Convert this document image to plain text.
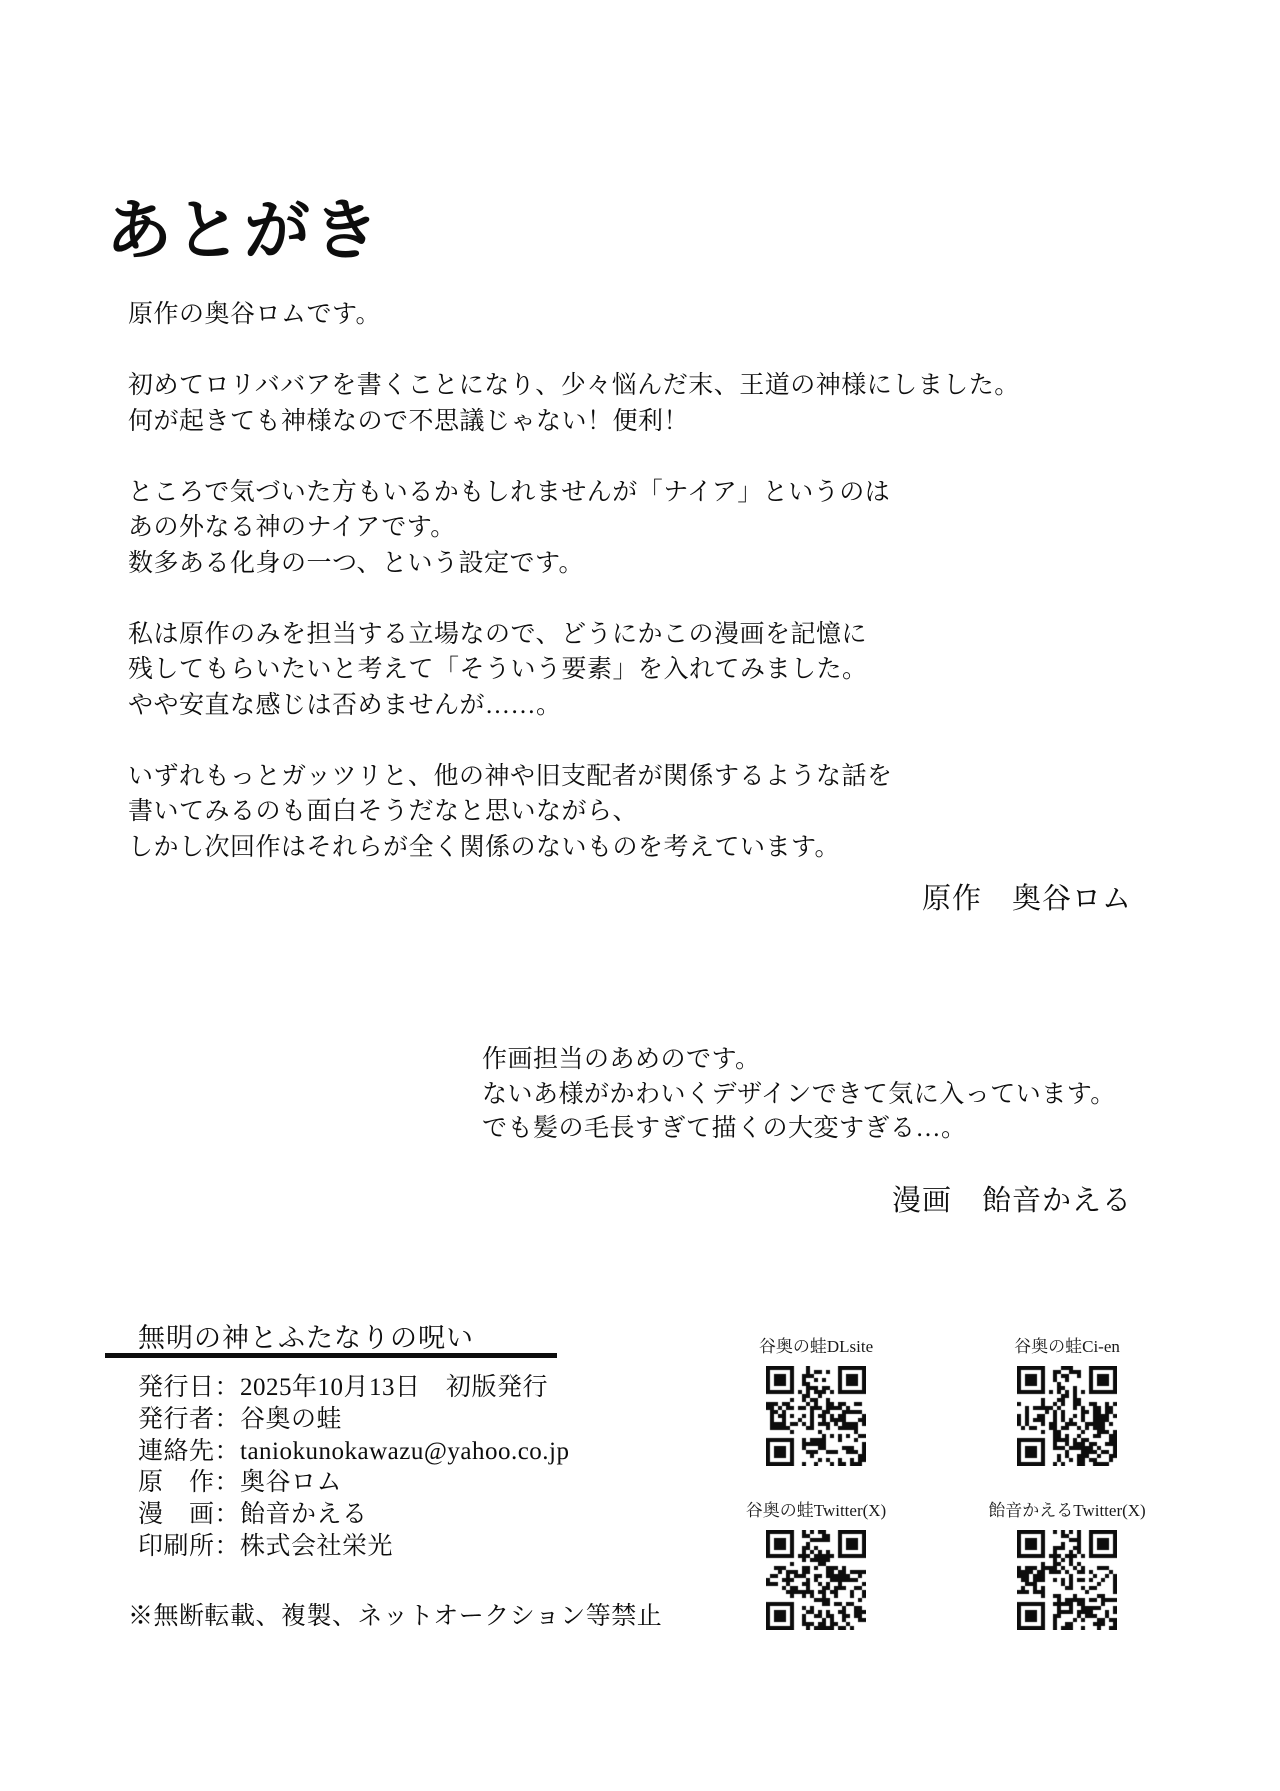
あとがき

原作の奥谷ロムです。

初めてロリババアを書くことになり、少々悩んだ末、王道の神様にしました。
何が起きても神様なので不思議じゃない！便利！

ところで気づいた方もいるかもしれませんが「ナイア」というのは
あの外なる神のナイアです。
数多ある化身の一つ、という設定です。

私は原作のみを担当する立場なので、どうにかこの漫画を記憶に
残してもらいたいと考えて「そういう要素」を入れてみました。
やや安直な感じは否めませんが……。

いずれもっとガッツリと、他の神や旧支配者が関係するような話を
書いてみるのも面白そうだなと思いながら、
しかし次回作はそれらが全く関係のないものを考えています。

原作　奥谷ロム
作画担当のあめのです。
ないあ様がかわいくデザインできて気に入っています。
でも髪の毛長すぎて描くの大変すぎる…。
漫画　飴音かえる
無明の神とふたなりの呪い
発行日：2025年10月13日　初版発行
発行者：谷奥の蛙
連絡先：taniokunokawazu@yahoo.co.jp
原　作：奥谷ロム
漫　画：飴音かえる
印刷所：株式会社栄光
※無断転載、複製、ネットオークション等禁止
谷奥の蛙DLsite	谷奥の蛙Ci-en
谷奥の蛙Twitter(X)	飴音かえるTwitter(X)
